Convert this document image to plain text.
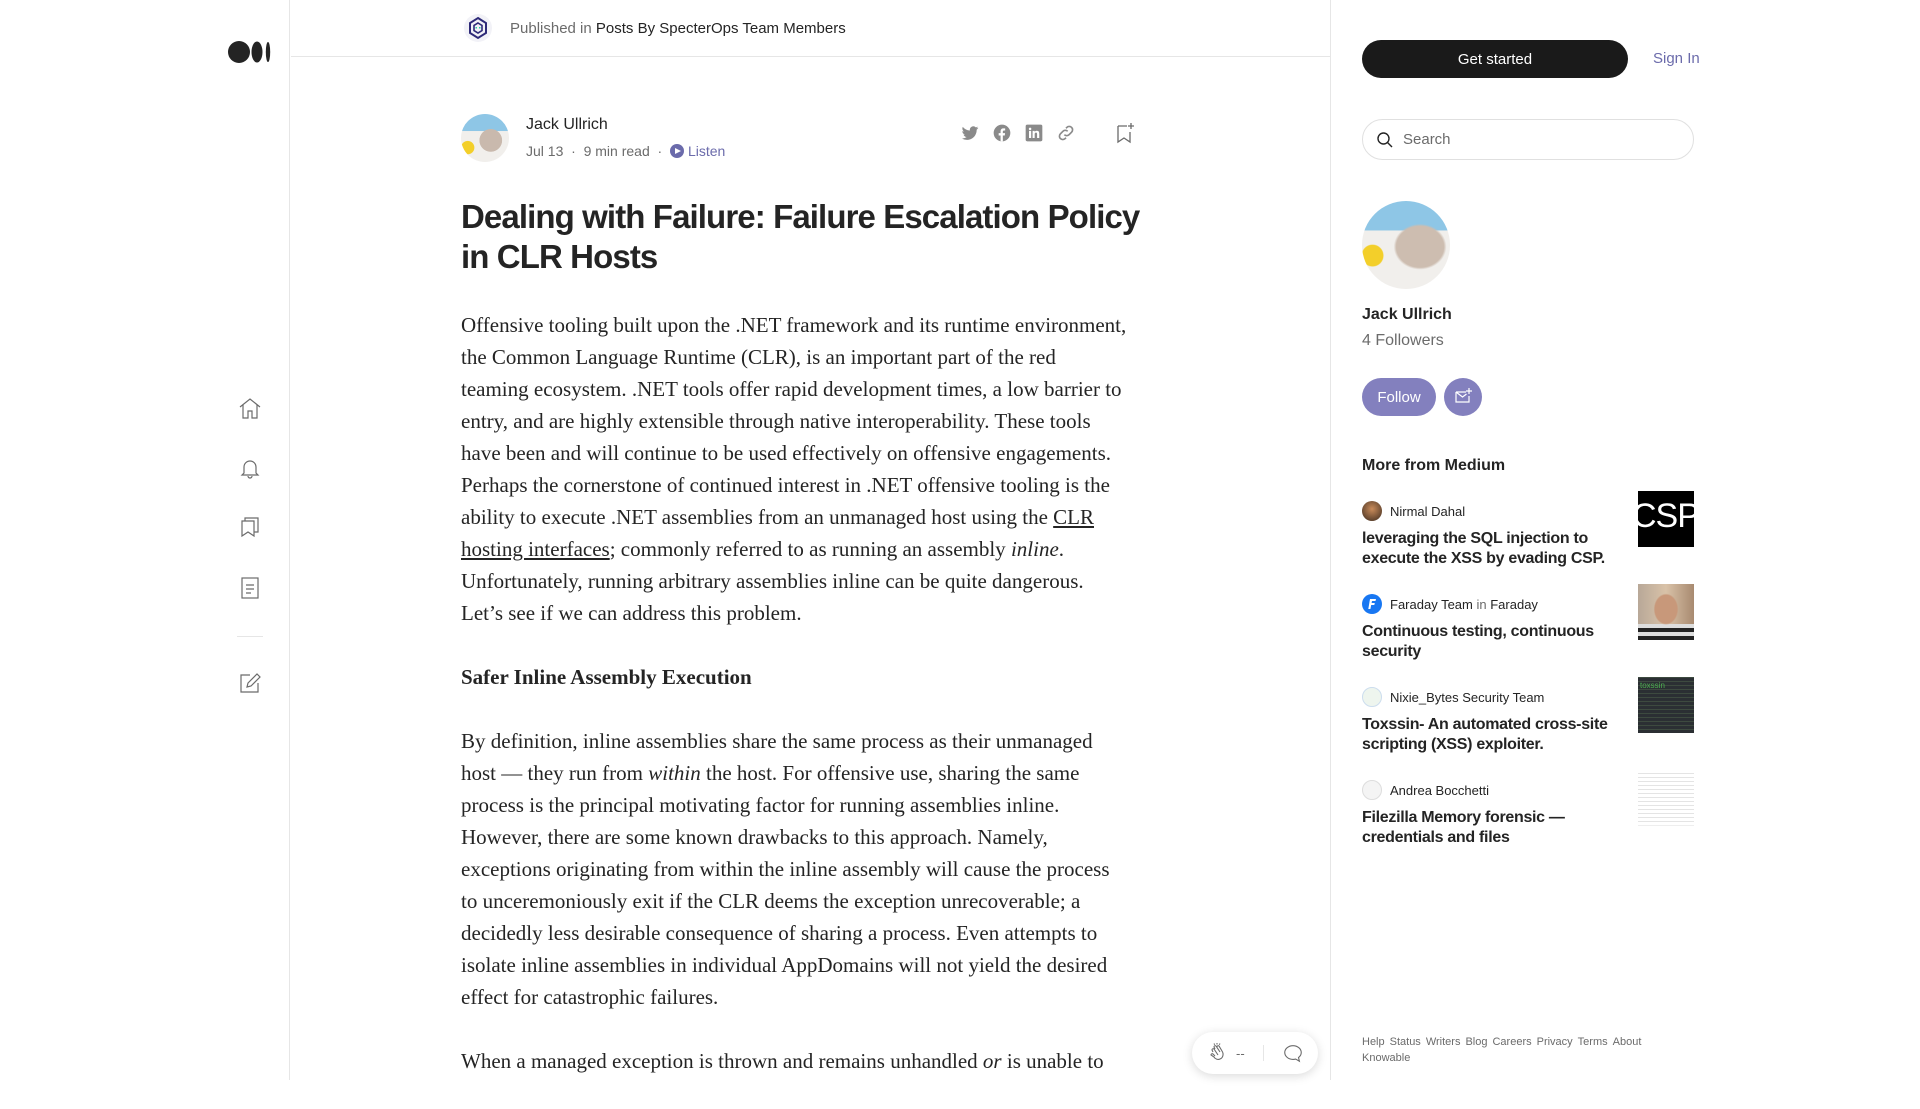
Published in Posts By SpecterOps Team Members
Jack Ullrich
Jul 13  ·  9 min read  ·  Listen
Dealing with Failure: Failure Escalation Policy in CLR Hosts

Offensive tooling built upon the .NET framework and its runtime environment,
the Common Language Runtime (CLR), is an important part of the red
teaming ecosystem. .NET tools offer rapid development times, a low barrier to
entry, and are highly extensible through native interoperability. These tools
have been and will continue to be used effectively on offensive engagements.
Perhaps the cornerstone of continued interest in .NET offensive tooling is the
ability to execute .NET assemblies from an unmanaged host using the CLR
hosting interfaces; commonly referred to as running an assembly inline.
Unfortunately, running arbitrary assemblies inline can be quite dangerous.
Let’s see if we can address this problem.

Safer Inline Assembly Execution

By definition, inline assemblies share the same process as their unmanaged
host — they run from within the host. For offensive use, sharing the same
process is the principal motivating factor for running assemblies inline.
However, there are some known drawbacks to this approach. Namely,
exceptions originating from within the inline assembly will cause the process
to unceremoniously exit if the CLR deems the exception unrecoverable; a
decidedly less desirable consequence of sharing a process. Even attempts to
isolate inline assemblies in individual AppDomains will not yield the desired
effect for catastrophic failures.

When a managed exception is thrown and remains unhandled or is unable to	--
Get started	Sign In
Search
Jack Ullrich
4 Followers
Follow
More from Medium
Nirmal Dahal
leveraging the SQL injection to execute the XSS by evading CSP.
CSP
Faraday Team in Faraday
Continuous testing, continuous security
Nixie_Bytes Security Team
Toxssin- An automated cross-site scripting (XSS) exploiter.
toxssin
Andrea Bocchetti
Filezilla Memory forensic — credentials and files
Help Status Writers Blog Careers Privacy Terms About
Knowable
